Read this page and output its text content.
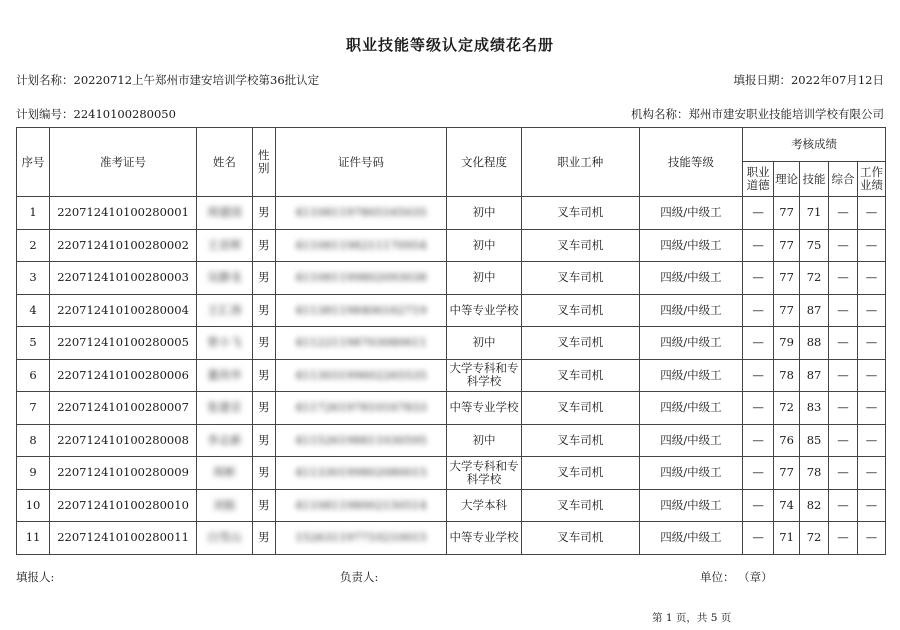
职业技能等级认定成绩花名册
计划名称：20220712上午郑州市建安培训学校第36批认定	填报日期：2022年07月12日
计划编号：22410100280050	机构名称：郑州市建安职业技能培训学校有限公司
序号	准考证号	姓名	性别	证件号码	文化程度	职业工种	技能等级	考核成绩				
								职业道德	理论	技能	综合	工作业绩
1	220712410100280001	周建国	男	411081197805165035	初中	叉车司机	四级/中级工	—	77	71	—	—
2	220712410100280002	王首晖	男	411081198211170954	初中	叉车司机	四级/中级工	—	77	75	—	—
3	220712410100280003	吴静龙	男	411081199802093038	初中	叉车司机	四级/中级工	—	77	72	—	—
4	220712410100280004	王汇涛	男	411381198406162719	中等专业学校	叉车司机	四级/中级工	—	77	87	—	—
5	220712410100280005	曾小飞	男	411221198703080611	初中	叉车司机	四级/中级工	—	79	88	—	—
6	220712410100280006	董尚华	男	411303199602265535	大学专科和专科学校	叉车司机	四级/中级工	—	78	87	—	—
7	220712410100280007	张建京	男	411726197810167833	中等专业学校	叉车司机	四级/中级工	—	72	83	—	—
8	220712410100280008	李志新	男	411526198811030595	初中	叉车司机	四级/中级工	—	76	85	—	—
9	220712410100280009	周彬	男	411330199802080015	大学专科和专科学校	叉车司机	四级/中级工	—	77	78	—	—
10	220712410100280010	刘振	男	411081198002150514	大学本科	叉车司机	四级/中级工	—	74	82	—	—
11	220712410100280011	白雪山	男	152631197710210015	中等专业学校	叉车司机	四级/中级工	—	71	72	—	—
填报人:	负责人:	单位： （章）
第 1 页，共 5 页
